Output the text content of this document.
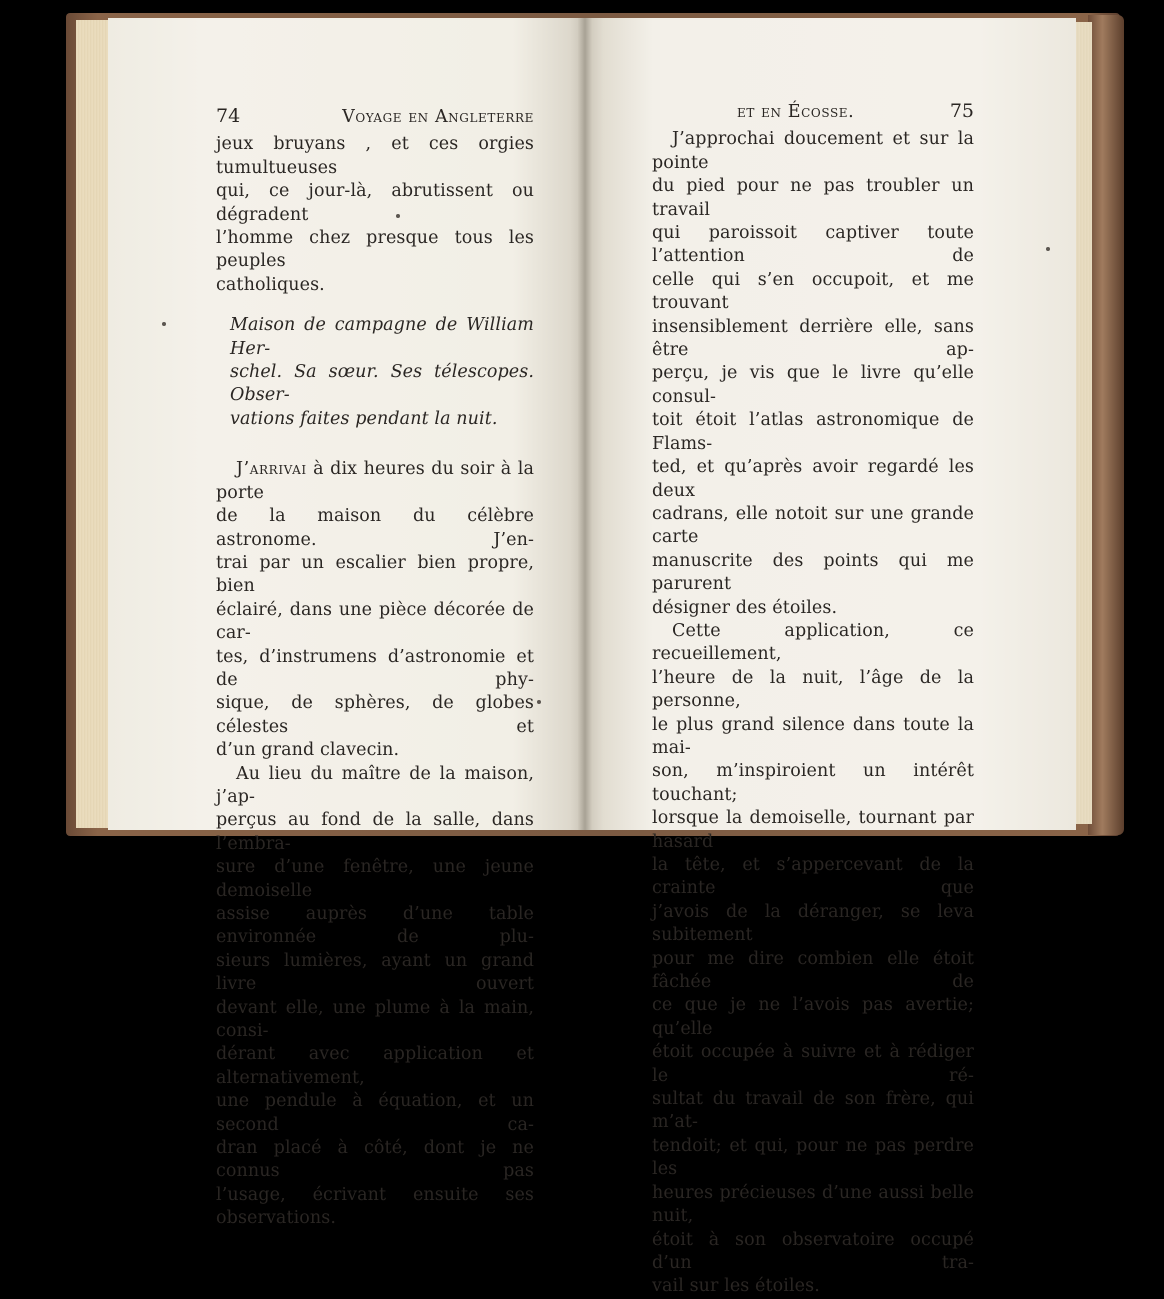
74	Voyage en Angleterre
jeux bruyans , et ces orgies tumultueuses
qui, ce jour-là, abrutissent ou dégradent
l’homme chez presque tous les peuples
catholiques.
Maison de campagne de William Her-
schel. Sa sœur. Ses télescopes. Obser-
vations faites pendant la nuit.
J’arrivai à dix heures du soir à la porte
de la maison du célèbre astronome. J’en-
trai par un escalier bien propre, bien
éclairé, dans une pièce décorée de car-
tes, d’instrumens d’astronomie et de phy-
sique, de sphères, de globes célestes et
d’un grand clavecin.
Au lieu du maître de la maison, j’ap-
perçus au fond de la salle, dans l’embra-
sure d’une fenêtre, une jeune demoiselle
assise auprès d’une table environnée de plu-
sieurs lumières, ayant un grand livre ouvert
devant elle, une plume à la main, consi-
dérant avec application et alternativement,
une pendule à équation, et un second ca-
dran placé à côté, dont je ne connus pas
l’usage, écrivant ensuite ses observations.
et en Écosse.	75
J’approchai doucement et sur la pointe
du pied pour ne pas troubler un travail
qui paroissoit captiver toute l’attention de
celle qui s’en occupoit, et me trouvant
insensiblement derrière elle, sans être ap-
perçu, je vis que le livre qu’elle consul-
toit étoit l’atlas astronomique de Flams-
ted, et qu’après avoir regardé les deux
cadrans, elle notoit sur une grande carte
manuscrite des points qui me parurent
désigner des étoiles.
Cette application, ce recueillement,
l’heure de la nuit, l’âge de la personne,
le plus grand silence dans toute la mai-
son, m’inspiroient un intérêt touchant;
lorsque la demoiselle, tournant par hasard
la tête, et s’appercevant de la crainte que
j’avois de la déranger, se leva subitement
pour me dire combien elle étoit fâchée de
ce que je ne l’avois pas avertie; qu’elle
étoit occupée à suivre et à rédiger le ré-
sultat du travail de son frère, qui m’at-
tendoit; et qui, pour ne pas perdre les
heures précieuses d’une aussi belle nuit,
étoit à son observatoire occupé d’un tra-
vail sur les étoiles.
